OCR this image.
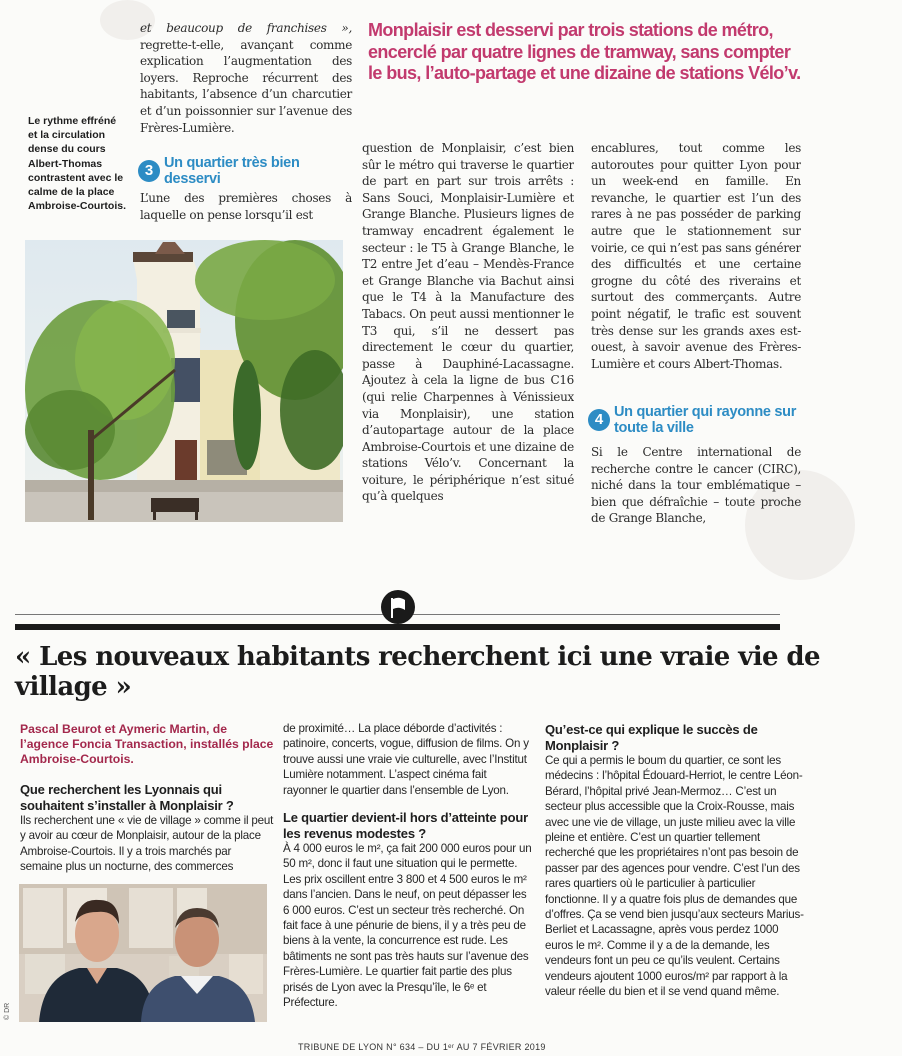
Le rythme effréné et la circulation dense du cours Albert-Thomas contrastent avec le calme de la place Ambroise-Courtois.

et beaucoup de franchises », regrette-t-elle, avançant comme explication l’augmentation des loyers. Reproche récurrent des habitants, l’absence d’un charcutier et d’un poissonnier sur l’avenue des Frères-Lumière.

Monplaisir est desservi par trois stations de métro, encerclé par quatre lignes de tramway, sans compter le bus, l’auto-partage et une dizaine de stations Vélo’v.
3 Un quartier très bien desservi
L’une des premières choses à laquelle on pense lorsqu’il est
question de Monplaisir, c’est bien sûr le métro qui traverse le quartier de part en part sur trois arrêts : Sans Souci, Monplaisir-Lumière et Grange Blanche. Plusieurs lignes de tramway encadrent également le secteur : le T5 à Grange Blanche, le T2 entre Jet d’eau – Mendès-France et Grange Blanche via Bachut ainsi que le T4 à la Manufacture des Tabacs. On peut aussi mentionner le T3 qui, s’il ne dessert pas directement le cœur du quartier, passe à Dauphiné-Lacassagne. Ajoutez à cela la ligne de bus C16 (qui relie Charpennes à Vénissieux via Monplaisir), une station d’autopartage autour de la place Ambroise-Courtois et une dizaine de stations Vélo’v. Concernant la voiture, le périphérique n’est situé qu’à quelques
encablures, tout comme les autoroutes pour quitter Lyon pour un week-end en famille. En revanche, le quartier est l’un des rares à ne pas posséder de parking autre que le stationnement sur voirie, ce qui n’est pas sans générer des difficultés et une certaine grogne du côté des riverains et surtout des commerçants. Autre point négatif, le trafic est souvent très dense sur les grands axes est-ouest, à savoir avenue des Frères-Lumière et cours Albert-Thomas.
4 Un quartier qui rayonne sur toute la ville
Si le Centre international de recherche contre le cancer (CIRC), niché dans la tour emblématique – bien que défraîchie – toute proche de Grange Blanche,
« Les nouveaux habitants recherchent ici une vraie vie de village »
Pascal Beurot et Aymeric Martin, de l’agence Foncia Transaction, installés place Ambroise-Courtois.

Que recherchent les Lyonnais qui souhaitent s’installer à Monplaisir ?

Ils recherchent une « vie de village » comme il peut y avoir au cœur de Monplaisir, autour de la place Ambroise-Courtois. Il y a trois marchés par semaine plus un nocturne, des commerces

© DR

de proximité… La place déborde d’activités : patinoire, concerts, vogue, diffusion de films. On y trouve aussi une vraie vie culturelle, avec l’Institut Lumière notamment. L’aspect cinéma fait rayonner le quartier dans l’ensemble de Lyon.

Le quartier devient-il hors d’atteinte pour les revenus modestes ?

À 4 000 euros le m², ça fait 200 000 euros pour un 50 m², donc il faut une situation qui le permette. Les prix oscillent entre 3 800 et 4 500 euros le m² dans l’ancien. Dans le neuf, on peut dépasser les 6 000 euros. C’est un secteur très recherché. On fait face à une pénurie de biens, il y a très peu de biens à la vente, la concurrence est rude. Les bâtiments ne sont pas très hauts sur l’avenue des Frères-Lumière. Le quartier fait partie des plus prisés de Lyon avec la Presqu’île, le 6ᵉ et Préfecture.

Qu’est-ce qui explique le succès de Monplaisir ?

Ce qui a permis le boum du quartier, ce sont les médecins : l’hôpital Édouard-Herriot, le centre Léon-Bérard, l’hôpital privé Jean-Mermoz… C’est un secteur plus accessible que la Croix-Rousse, mais avec une vie de village, un juste milieu avec la ville pleine et entière. C’est un quartier tellement recherché que les propriétaires n’ont pas besoin de passer par des agences pour vendre. C’est l’un des rares quartiers où le particulier à particulier fonctionne. Il y a quatre fois plus de demandes que d’offres. Ça se vend bien jusqu’aux secteurs Marius-Berliet et Lacassagne, après vous perdez 1000 euros le m². Comme il y a de la demande, les vendeurs font un peu ce qu’ils veulent. Certains vendeurs ajoutent 1000 euros/m² par rapport à la valeur réelle du bien et il se vend quand même.

TRIBUNE DE LYON N° 634 – DU 1ᵉʳ AU 7 FÉVRIER 2019
